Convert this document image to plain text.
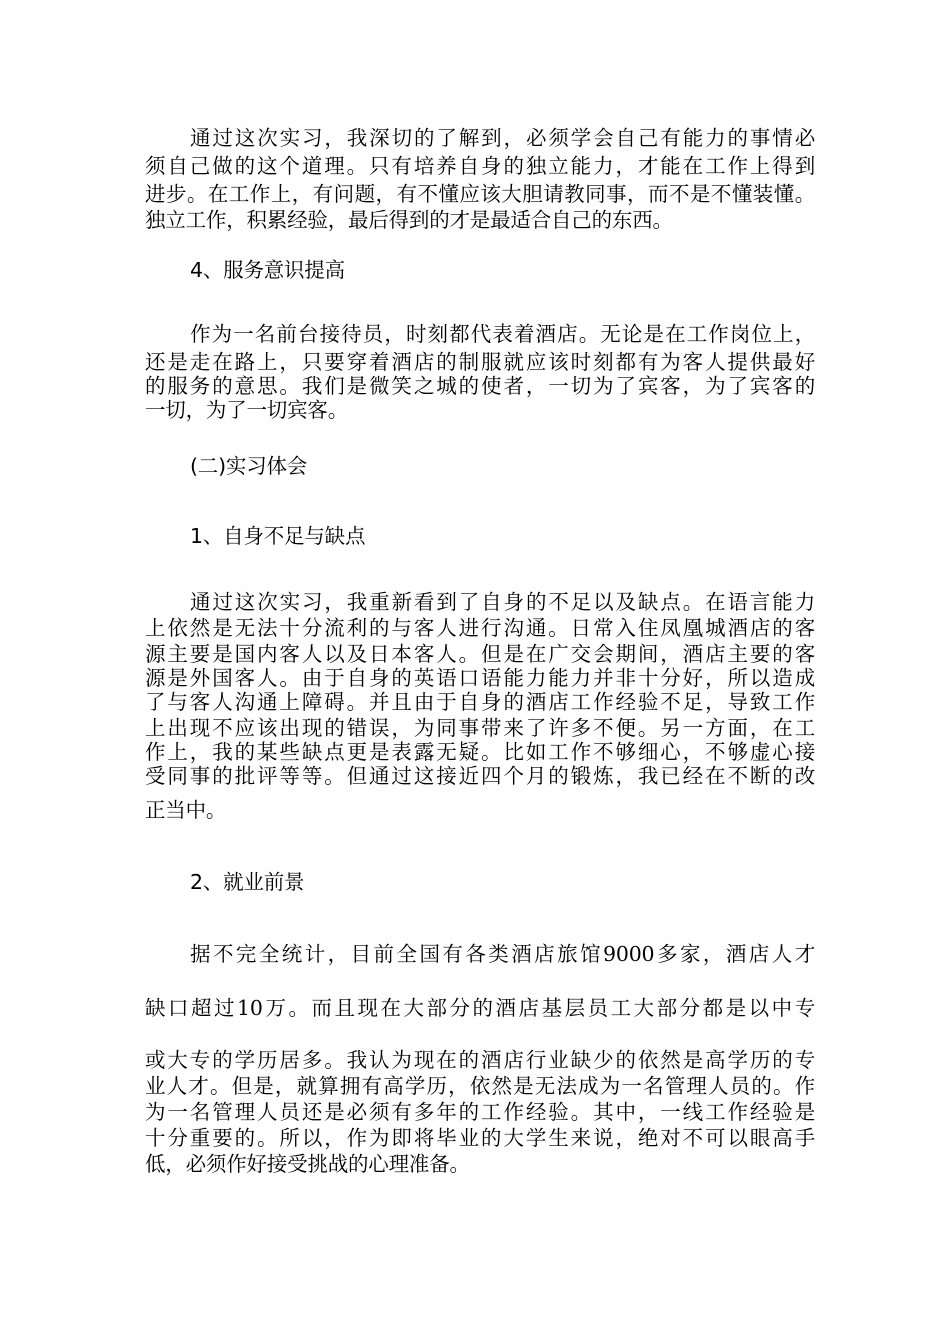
通过这次实习，我深切的了解到，必须学会自己有能力的事情必
须自己做的这个道理。只有培养自身的独立能力，才能在工作上得到
进步。在工作上，有问题，有不懂应该大胆请教同事，而不是不懂装懂。
独立工作，积累经验，最后得到的才是最适合自己的东西。
4、服务意识提高
作为一名前台接待员，时刻都代表着酒店。无论是在工作岗位上，
还是走在路上，只要穿着酒店的制服就应该时刻都有为客人提供最好
的服务的意思。我们是微笑之城的使者，一切为了宾客，为了宾客的
一切，为了一切宾客。
(二)实习体会
1、自身不足与缺点
通过这次实习，我重新看到了自身的不足以及缺点。在语言能力
上依然是无法十分流利的与客人进行沟通。日常入住凤凰城酒店的客
源主要是国内客人以及日本客人。但是在广交会期间，酒店主要的客
源是外国客人。由于自身的英语口语能力能力并非十分好，所以造成
了与客人沟通上障碍。并且由于自身的酒店工作经验不足，导致工作
上出现不应该出现的错误，为同事带来了许多不便。另一方面，在工
作上，我的某些缺点更是表露无疑。比如工作不够细心，不够虚心接
受同事的批评等等。但通过这接近四个月的锻炼，我已经在不断的改
正当中。
2、就业前景
据不完全统计，目前全国有各类酒店旅馆9000多家，酒店人才
缺口超过10万。而且现在大部分的酒店基层员工大部分都是以中专
或大专的学历居多。我认为现在的酒店行业缺少的依然是高学历的专
业人才。但是，就算拥有高学历，依然是无法成为一名管理人员的。作
为一名管理人员还是必须有多年的工作经验。其中，一线工作经验是
十分重要的。所以，作为即将毕业的大学生来说，绝对不可以眼高手
低，必须作好接受挑战的心理准备。
